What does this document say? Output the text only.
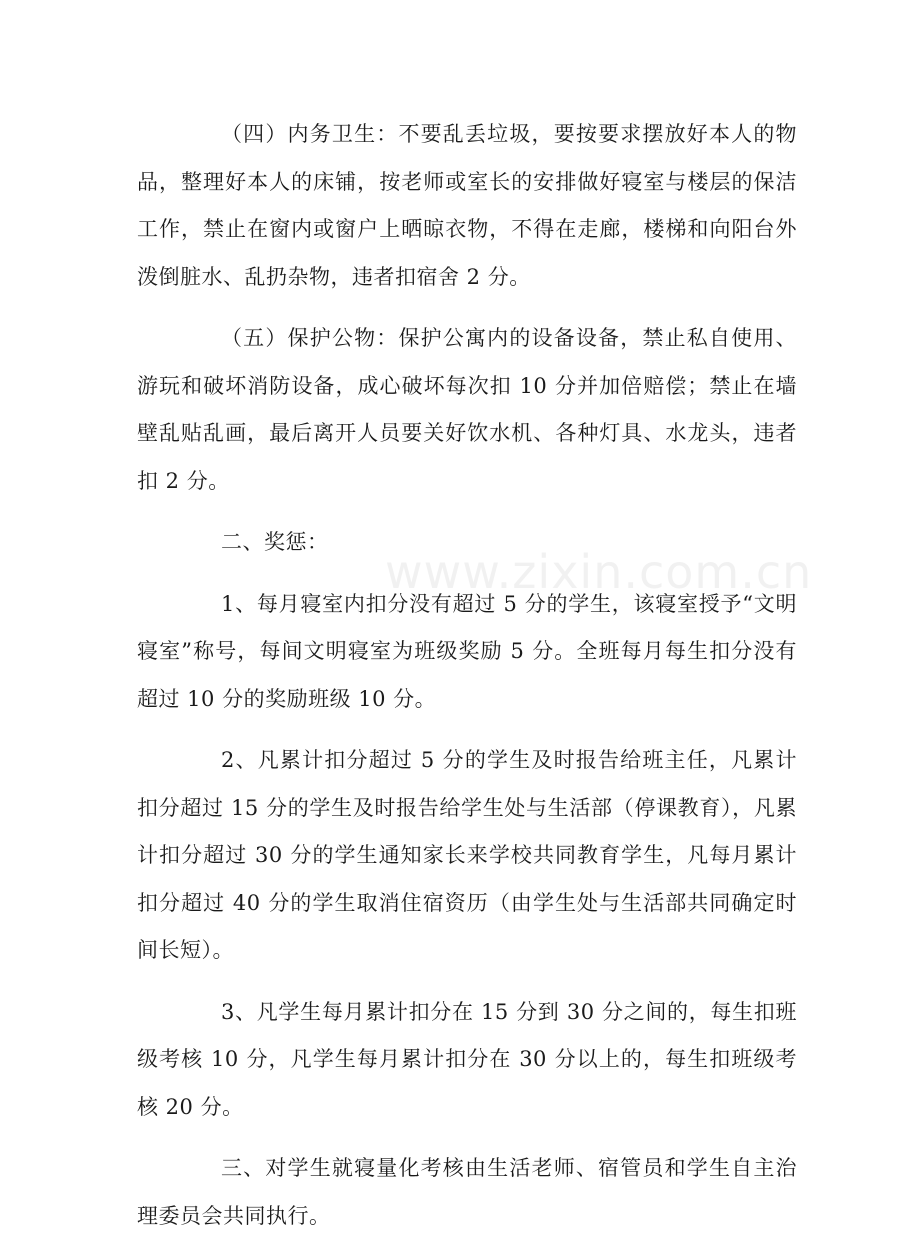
www.zixin.com.cn

（四）内务卫生：不要乱丢垃圾，要按要求摆放好本人的物品，整理好本人的床铺，按老师或室长的安排做好寝室与楼层的保洁工作，禁止在窗内或窗户上晒晾衣物，不得在走廊，楼梯和向阳台外泼倒脏水、乱扔杂物，违者扣宿舍 2 分。

（五）保护公物：保护公寓内的设备设备，禁止私自使用、游玩和破坏消防设备，成心破坏每次扣 10 分并加倍赔偿；禁止在墙壁乱贴乱画，最后离开人员要关好饮水机、各种灯具、水龙头，违者扣 2 分。

二、奖惩：

1、每月寝室内扣分没有超过 5 分的学生，该寝室授予“文明寝室”称号，每间文明寝室为班级奖励 5 分。全班每月每生扣分没有超过 10 分的奖励班级 10 分。

2、凡累计扣分超过 5 分的学生及时报告给班主任，凡累计扣分超过 15 分的学生及时报告给学生处与生活部（停课教育），凡累计扣分超过 30 分的学生通知家长来学校共同教育学生，凡每月累计扣分超过 40 分的学生取消住宿资历（由学生处与生活部共同确定时间长短）。

3、凡学生每月累计扣分在 15 分到 30 分之间的，每生扣班级考核 10 分，凡学生每月累计扣分在 30 分以上的，每生扣班级考核 20 分。

三、对学生就寝量化考核由生活老师、宿管员和学生自主治理委员会共同执行。
